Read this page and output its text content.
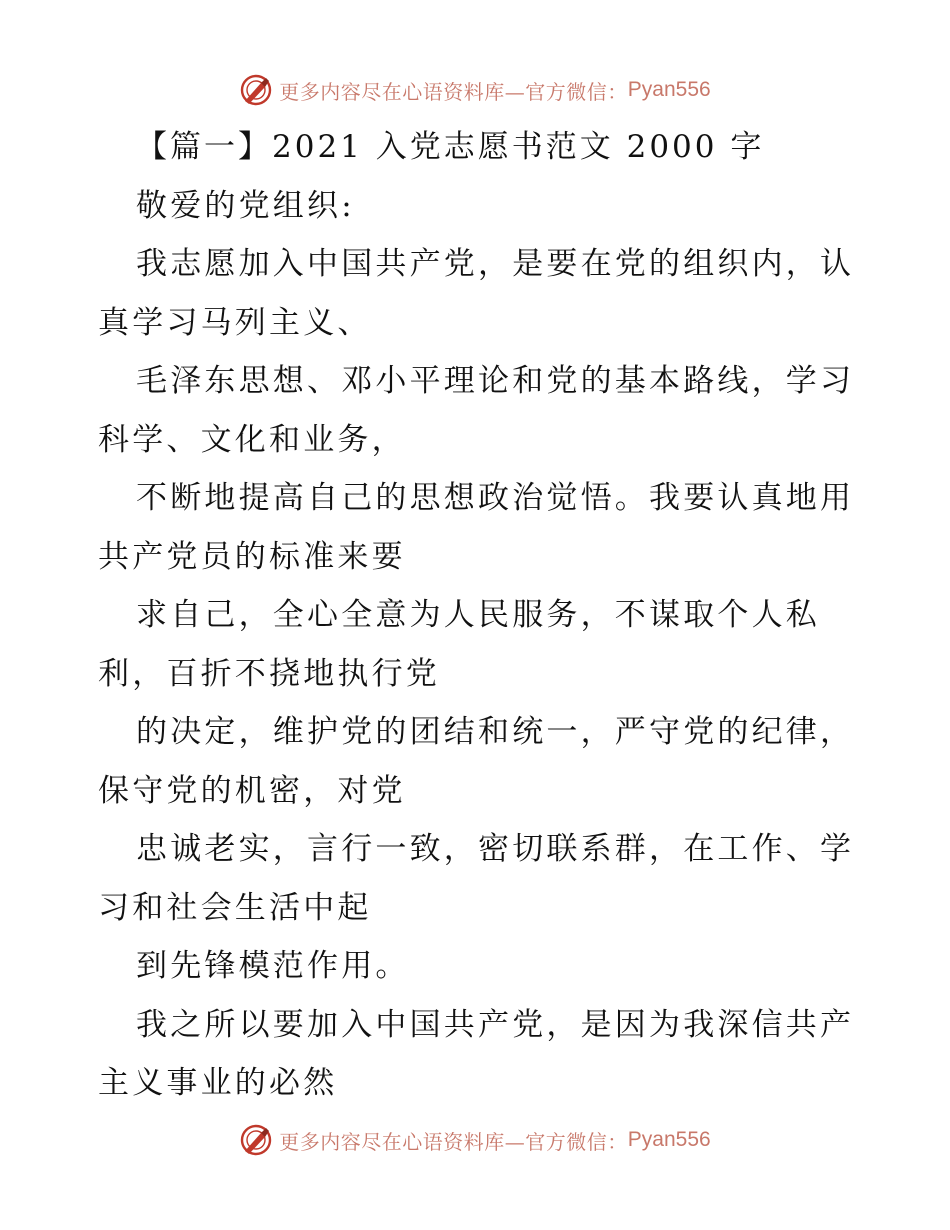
更多内容尽在心语资料库—官方微信： Pyan556
【篇一】2021 入党志愿书范文 2000 字
敬爱的党组织:
我志愿加入中国共产党，是要在党的组织内，认
真学习马列主义、
毛泽东思想、邓小平理论和党的基本路线，学习
科学、文化和业务，
不断地提高自己的思想政治觉悟。我要认真地用
共产党员的标准来要
求自己，全心全意为人民服务，不谋取个人私
利，百折不挠地执行党
的决定，维护党的团结和统一，严守党的纪律，
保守党的机密，对党
忠诚老实，言行一致，密切联系群，在工作、学
习和社会生活中起
到先锋模范作用。
我之所以要加入中国共产党，是因为我深信共产
主义事业的必然
更多内容尽在心语资料库—官方微信： Pyan556
